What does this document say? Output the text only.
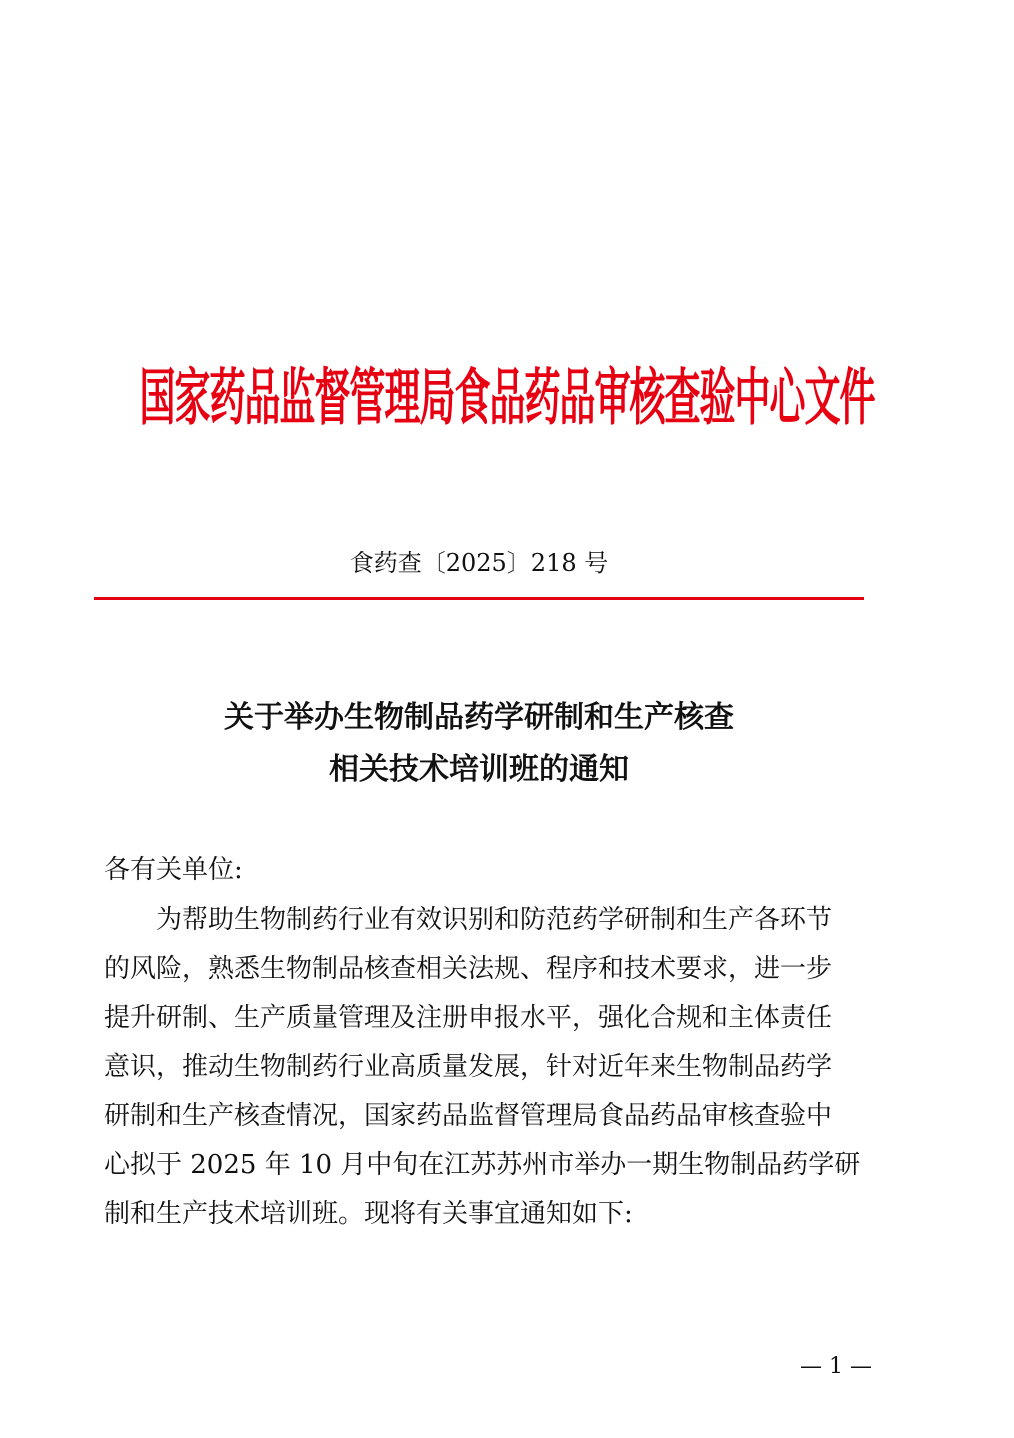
国家药品监督管理局食品药品审核查验中心文件
食药查〔2025〕218 号
关于举办生物制品药学研制和生产核查
相关技术培训班的通知
各有关单位:
　　为帮助生物制药行业有效识别和防范药学研制和生产各环节
的风险，熟悉生物制品核查相关法规、程序和技术要求，进一步
提升研制、生产质量管理及注册申报水平，强化合规和主体责任
意识，推动生物制药行业高质量发展，针对近年来生物制品药学
研制和生产核查情况，国家药品监督管理局食品药品审核查验中
心拟于 2025 年 10 月中旬在江苏苏州市举办一期生物制品药学研
制和生产技术培训班。现将有关事宜通知如下:
— 1 —
